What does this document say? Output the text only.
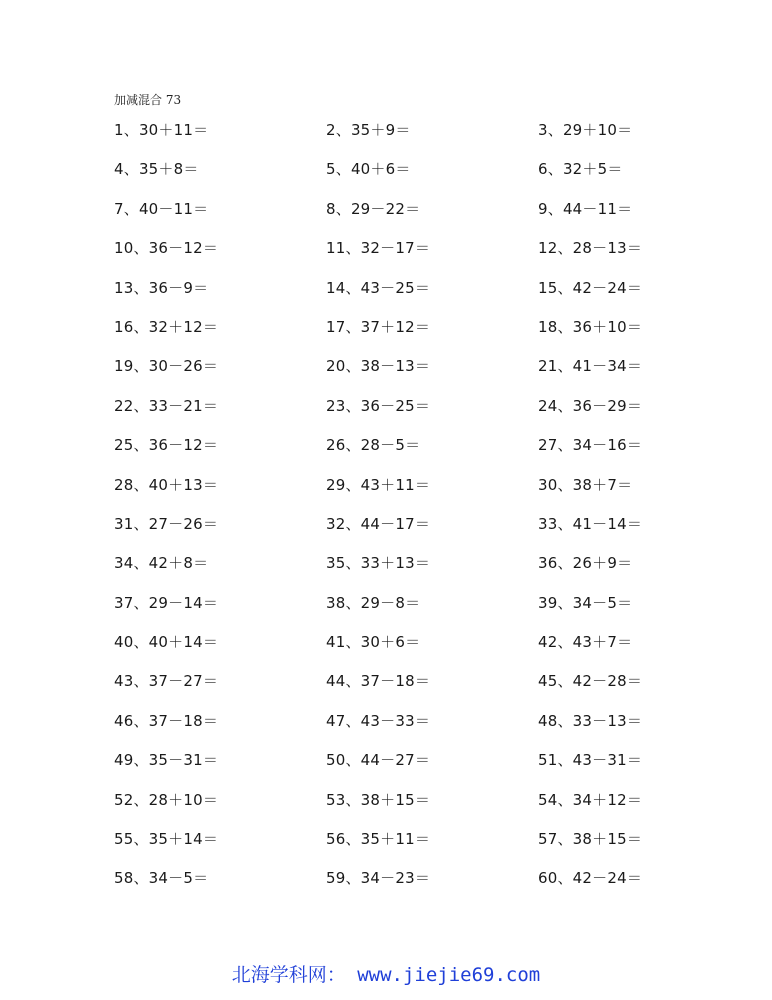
加减混合 73
1、30＋11＝	2、35＋9＝	3、29＋10＝
4、35＋8＝	5、40＋6＝	6、32＋5＝
7、40－11＝	8、29－22＝	9、44－11＝
10、36－12＝	11、32－17＝	12、28－13＝
13、36－9＝	14、43－25＝	15、42－24＝
16、32＋12＝	17、37＋12＝	18、36＋10＝
19、30－26＝	20、38－13＝	21、41－34＝
22、33－21＝	23、36－25＝	24、36－29＝
25、36－12＝	26、28－5＝	27、34－16＝
28、40＋13＝	29、43＋11＝	30、38＋7＝
31、27－26＝	32、44－17＝	33、41－14＝
34、42＋8＝	35、33＋13＝	36、26＋9＝
37、29－14＝	38、29－8＝	39、34－5＝
40、40＋14＝	41、30＋6＝	42、43＋7＝
43、37－27＝	44、37－18＝	45、42－28＝
46、37－18＝	47、43－33＝	48、33－13＝
49、35－31＝	50、44－27＝	51、43－31＝
52、28＋10＝	53、38＋15＝	54、34＋12＝
55、35＋14＝	56、35＋11＝	57、38＋15＝
58、34－5＝	59、34－23＝	60、42－24＝
北海学科网： www.jiejie69.com
